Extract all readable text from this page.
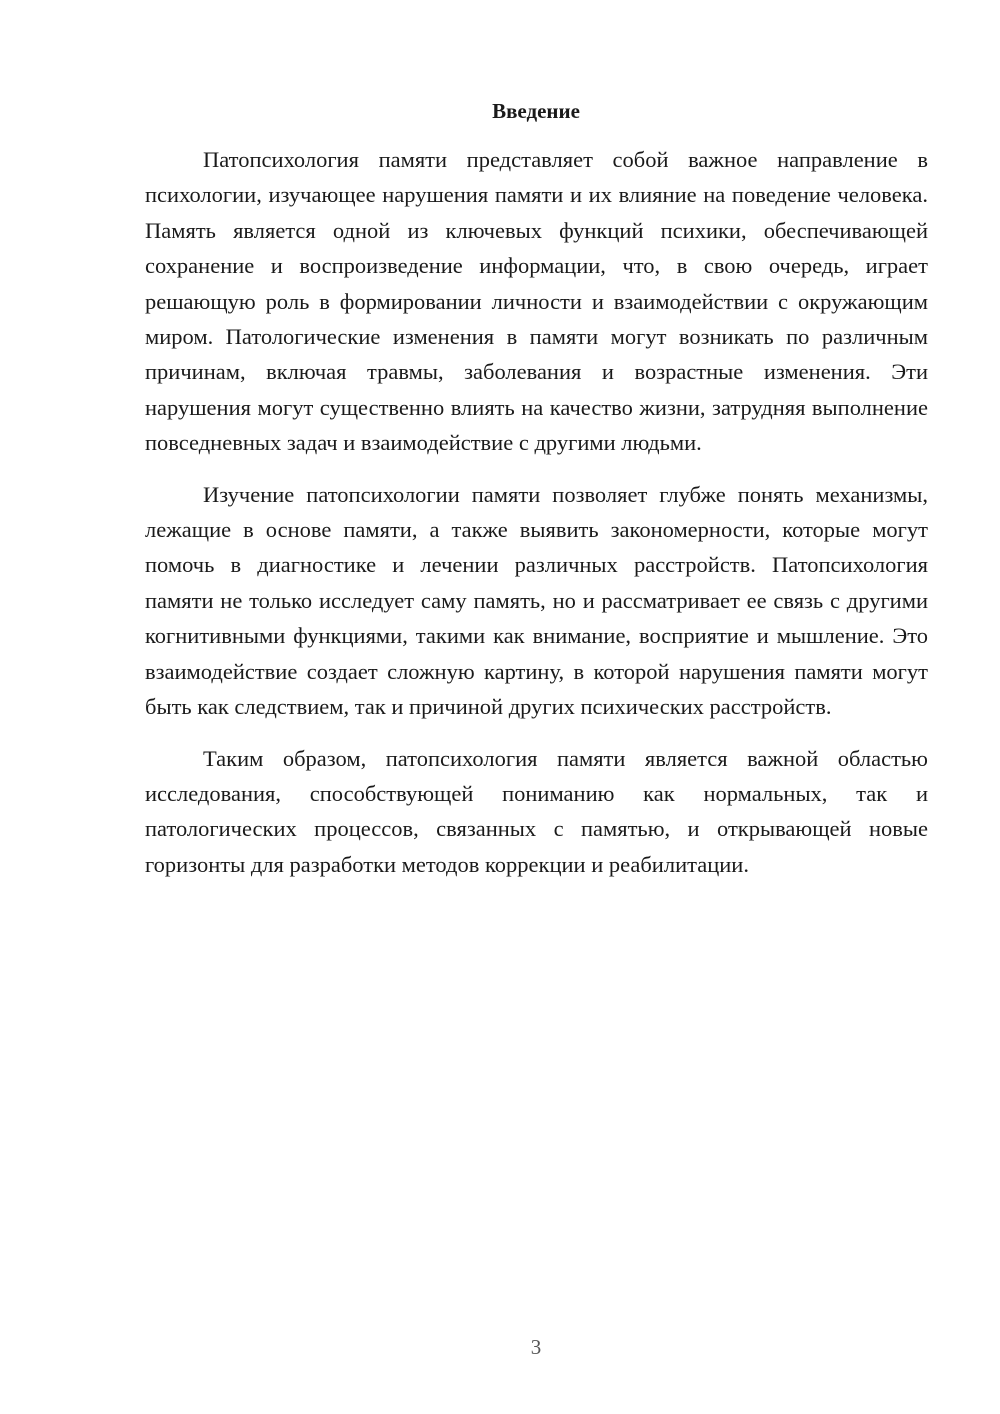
Введение

Патопсихология памяти представляет собой важное направление в психологии, изучающее нарушения памяти и их влияние на поведение человека. Память является одной из ключевых функций психики, обеспечивающей сохранение и воспроизведение информации, что, в свою очередь, играет решающую роль в формировании личности и взаимодействии с окружающим миром. Патологические изменения в памяти могут возникать по различным причинам, включая травмы, заболевания и возрастные изменения. Эти нарушения могут существенно влиять на качество жизни, затрудняя выполнение повседневных задач и взаимодействие с другими людьми.

Изучение патопсихологии памяти позволяет глубже понять механизмы, лежащие в основе памяти, а также выявить закономерности, которые могут помочь в диагностике и лечении различных расстройств. Патопсихология памяти не только исследует саму память, но и рассматривает ее связь с другими когнитивными функциями, такими как внимание, восприятие и мышление. Это взаимодействие создает сложную картину, в которой нарушения памяти могут быть как следствием, так и причиной других психических расстройств.

Таким образом, патопсихология памяти является важной областью исследования, способствующей пониманию как нормальных, так и патологических процессов, связанных с памятью, и открывающей новые горизонты для разработки методов коррекции и реабилитации.

3
